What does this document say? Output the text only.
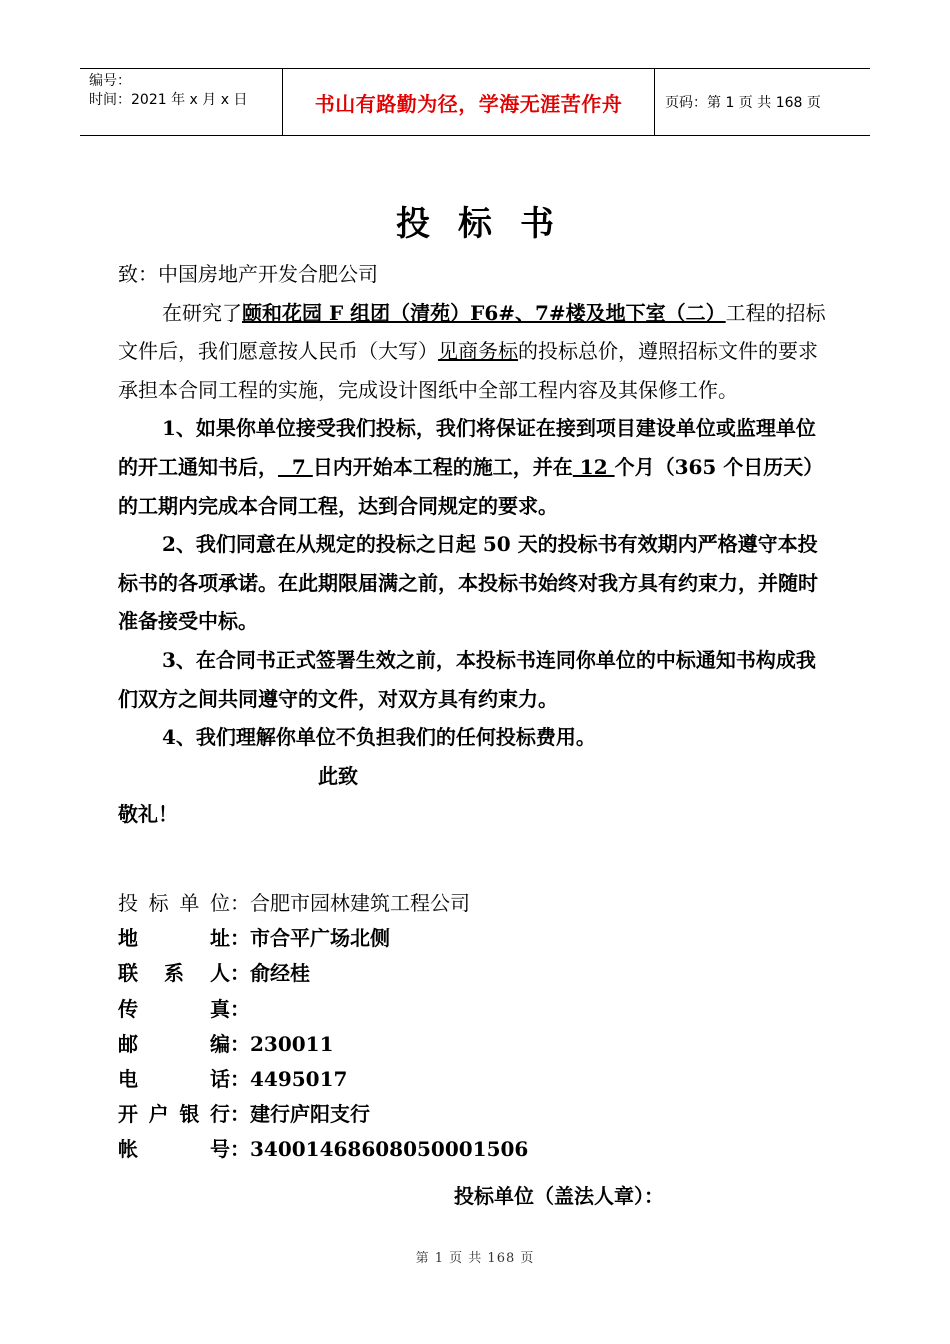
编号：
时间：2021 年 x 月 x 日	书山有路勤为径，学海无涯苦作舟	页码：第 1 页 共 168 页
投标书

致：中国房地产开发合肥公司

在研究了颐和花园 F 组团（清苑）F6#、7#楼及地下室（二）工程的招标文件后，我们愿意按人民币（大写）见商务标的投标总价，遵照招标文件的要求承担本合同工程的实施，完成设计图纸中全部工程内容及其保修工作。

1、如果你单位接受我们投标，我们将保证在接到项目建设单位或监理单位的开工通知书后，  7 日内开始本工程的施工，并在 12 个月（365 个日历天）的工期内完成本合同工程，达到合同规定的要求。

2、我们同意在从规定的投标之日起 50 天的投标书有效期内严格遵守本投标书的各项承诺。在此期限届满之前，本投标书始终对我方具有约束力，并随时准备接受中标。

3、在合同书正式签署生效之前，本投标书连同你单位的中标通知书构成我们双方之间共同遵守的文件，对双方具有约束力。

4、我们理解你单位不负担我们的任何投标费用。

此致

敬礼！

投标单位 ： 合肥市园林建筑工程公司
地址 ： 市合平广场北侧
联系人 ： 俞经桂
传真 ：
邮编 ： 230011
电话 ： 4495017
开户银行 ： 建行庐阳支行
帐号 ： 34001468608050001506
投标单位（盖法人章）：
第 1 页 共 168 页
